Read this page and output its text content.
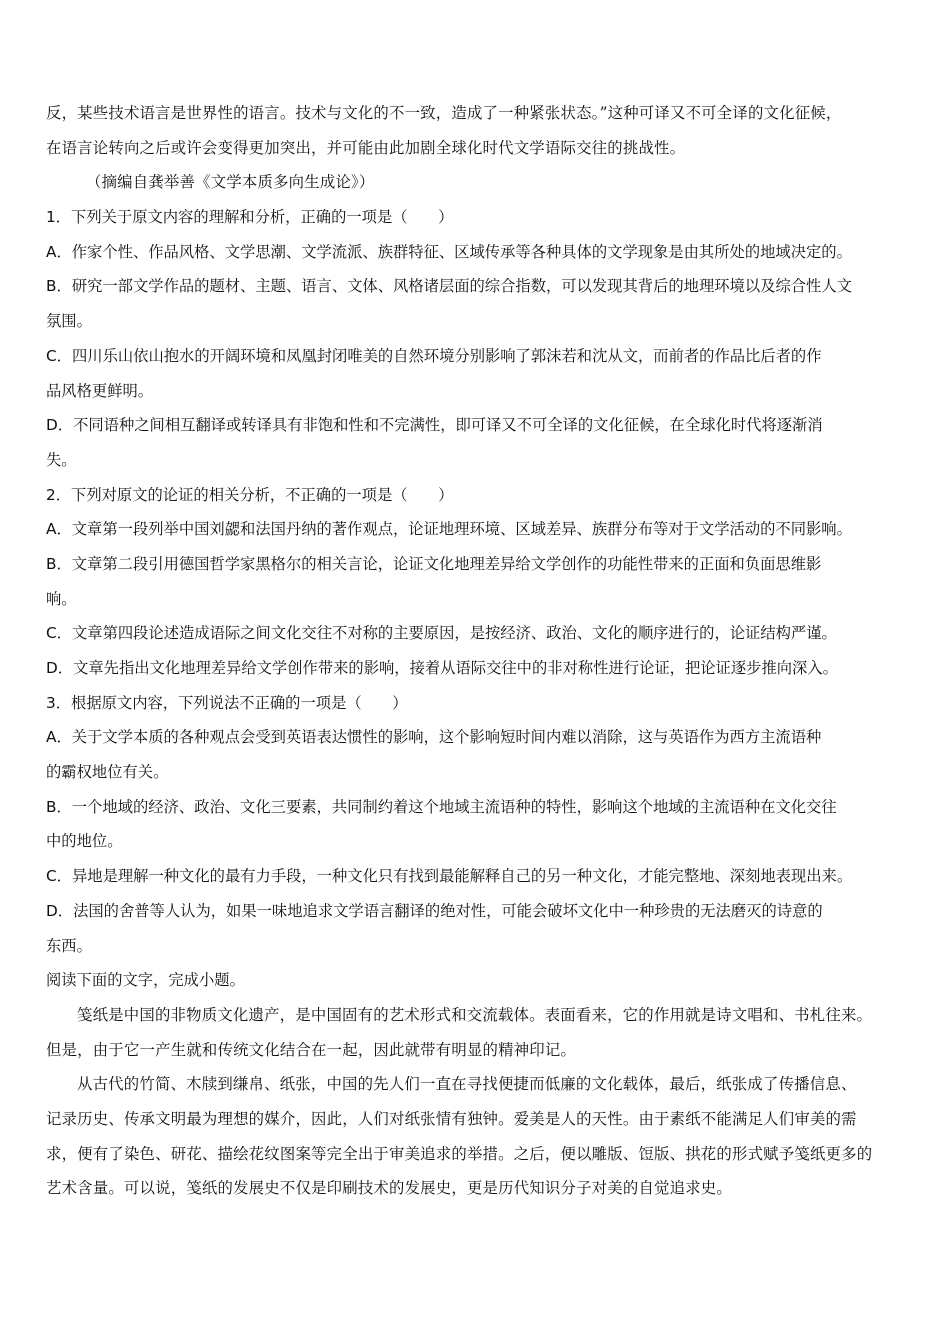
反，某些技术语言是世界性的语言。技术与文化的不一致，造成了一种紧张状态。”这种可译又不可全译的文化征候，
在语言论转向之后或许会变得更加突出，并可能由此加剧全球化时代文学语际交往的挑战性。
（摘编自龚举善《文学本质多向生成论》）
1．下列关于原文内容的理解和分析，正确的一项是（　　）
A．作家个性、作品风格、文学思潮、文学流派、族群特征、区域传承等各种具体的文学现象是由其所处的地域决定的。
B．研究一部文学作品的题材、主题、语言、文体、风格诸层面的综合指数，可以发现其背后的地理环境以及综合性人文
氛围。
C．四川乐山依山抱水的开阔环境和凤凰封闭唯美的自然环境分别影响了郭沫若和沈从文，而前者的作品比后者的作
品风格更鲜明。
D．不同语种之间相互翻译或转译具有非饱和性和不完满性，即可译又不可全译的文化征候，在全球化时代将逐渐消
失。
2．下列对原文的论证的相关分析，不正确的一项是（　　）
A．文章第一段列举中国刘勰和法国丹纳的著作观点，论证地理环境、区域差异、族群分布等对于文学活动的不同影响。
B．文章第二段引用德国哲学家黑格尔的相关言论，论证文化地理差异给文学创作的功能性带来的正面和负面思维影
响。
C．文章第四段论述造成语际之间文化交往不对称的主要原因，是按经济、政治、文化的顺序进行的，论证结构严谨。
D．文章先指出文化地理差异给文学创作带来的影响，接着从语际交往中的非对称性进行论证，把论证逐步推向深入。
3．根据原文内容，下列说法不正确的一项是（　　）
A．关于文学本质的各种观点会受到英语表达惯性的影响，这个影响短时间内难以消除，这与英语作为西方主流语种
的霸权地位有关。
B．一个地域的经济、政治、文化三要素，共同制约着这个地域主流语种的特性，影响这个地域的主流语种在文化交往
中的地位。
C．异地是理解一种文化的最有力手段，一种文化只有找到最能解释自己的另一种文化，才能完整地、深刻地表现出来。
D．法国的舍普等人认为，如果一味地追求文学语言翻译的绝对性，可能会破坏文化中一种珍贵的无法磨灭的诗意的
东西。
阅读下面的文字，完成小题。
笺纸是中国的非物质文化遗产，是中国固有的艺术形式和交流载体。表面看来，它的作用就是诗文唱和、书札往来。
但是，由于它一产生就和传统文化结合在一起，因此就带有明显的精神印记。
从古代的竹简、木牍到缣帛、纸张，中国的先人们一直在寻找便捷而低廉的文化载体，最后，纸张成了传播信息、
记录历史、传承文明最为理想的媒介，因此，人们对纸张情有独钟。爱美是人的天性。由于素纸不能满足人们审美的需
求，便有了染色、研花、描绘花纹图案等完全出于审美追求的举措。之后，便以雕版、饾版、拱花的形式赋予笺纸更多的
艺术含量。可以说，笺纸的发展史不仅是印刷技术的发展史，更是历代知识分子对美的自觉追求史。
